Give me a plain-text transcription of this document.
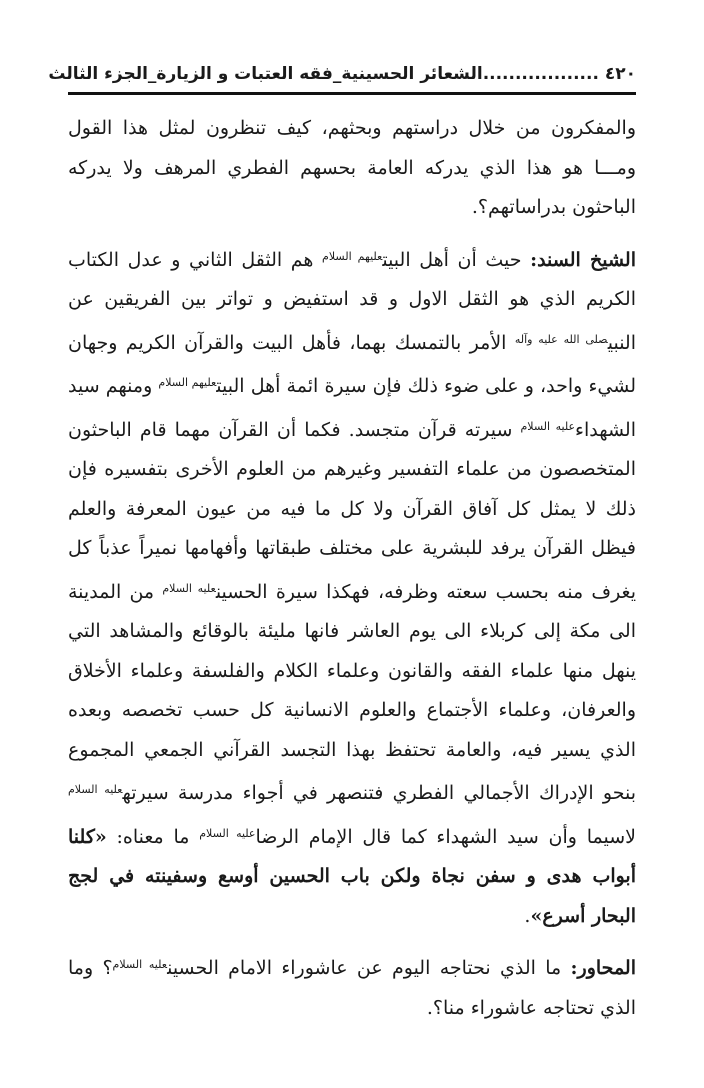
٤٢٠ ..................
الشعائر الحسينية_فقه العتبات و الزيارة_الجزء الثالث

والمفكرون من خلال دراستهم وبحثهم، كيف تنظرون لمثل هذا القول ومـــا هو هذا الذي يدركه العامة بحسهم الفطري المرهف ولا يدركه الباحثون بدراساتهم؟.

الشيخ السند: حيث أن أهل البيت$^{عليهم السلام}$ هم الثقل الثاني و عدل الكتاب الكريم الذي هو الثقل الاول و قد استفيض و تواتر بين الفريقين عن النبي$^{صلى الله عليه وآله}$ الأمر بالتمسك بهما، فأهل البيت والقرآن الكريم وجهان لشيء واحد، و على ضوء ذلك فإن سيرة ائمة أهل البيت$^{عليهم السلام}$ ومنهم سيد الشهداء$^{عليه السلام}$ سيرته قرآن متجسد. فكما أن القرآن مهما قام الباحثون المتخصصون من علماء التفسير وغيرهم من العلوم الأخرى بتفسيره فإن ذلك لا يمثل كل آفاق القرآن ولا كل ما فيه من عيون المعرفة والعلم فيظل القرآن يرفد للبشرية على مختلف طبقاتها وأفهامها نميراً عذباً كل يغرف منه بحسب سعته وظرفه، فهكذا سيرة الحسين$^{عليه السلام}$ من المدينة الى مكة إلى كربلاء الى يوم العاشر فانها مليئة بالوقائع والمشاهد التي ينهل منها علماء الفقه والقانون وعلماء الكلام والفلسفة وعلماء الأخلاق والعرفان، وعلماء الأجتماع والعلوم الانسانية كل حسب تخصصه وبعده الذي يسير فيه، والعامة تحتفظ بهذا التجسد القرآني الجمعي المجموع بنحو الإدراك الأجمالي الفطري فتنصهر في أجواء مدرسة سيرته$^{عليه السلام}$ لاسيما وأن سيد الشهداء كما قال الإمام الرضا$^{عليه السلام}$ ما معناه: «كلنا أبواب هدى و سفن نجاة ولكن باب الحسين أوسع وسفينته في لجج البحار أسرع».

المحاور: ما الذي نحتاجه اليوم عن عاشوراء الامام الحسين$^{عليه السلام}$؟ وما الذي تحتاجه عاشوراء منا؟.
